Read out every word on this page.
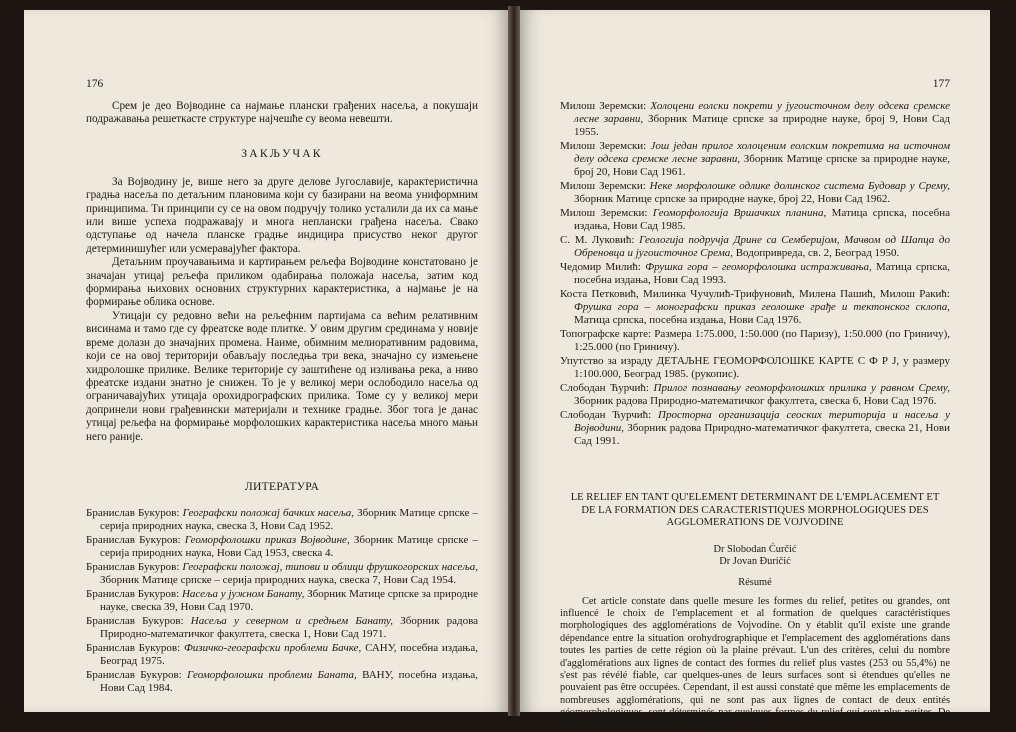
176

Срем је део Војводине са најмање плански грађених насеља, а покушаји подражавања решеткасте структуре најчешће су веома невешти.

ЗАКЉУЧАК

За Војводину је, више него за друге делове Југославије, карактеристична градња насеља по детаљним плановима који су базирани на веома униформним принципима. Ти принципи су се на овом подручју толико усталили да их са мање или више успеха подражавају и многа неплански грађена насеља. Свако одступање од начела планске градње индицира присуство неког другог детерминишућег или усмеравајућег фактора.

Детаљним проучавањима и картирањем рељефа Војводине констатовано је значајан утицај рељефа приликом одабирања положаја насеља, затим код формирања њихових основних структурних карактеристика, а најмање је на формирање облика основе.

Утицаји су редовно већи на рељефним партијама са већим релативним висинама и тамо где су фреатске воде плитке. У овим другим срединама у новије време долази до значајних промена. Наиме, обимним мелиоративним радовима, који се на овој територији обављају последња три века, значајно су измењене хидролошке прилике. Велике територије су заштићене од изливања река, а ниво фреатске издани знатно је снижен. То је у великој мери ослободило насеља од ограничавајућих утицаја орохидрографских прилика. Томе су у великој мери допринели нови грађевински материјали и технике градње. Због тога је данас утицај рељефа на формирање морфолошких карактеристика насеља много мањи него раније.

ЛИТЕРАТУРА
Бранислав Букуров: Географски положај бачких насеља, Зборник Матице српске – серија природних наука, свеска 3, Нови Сад 1952.
Бранислав Букуров: Геоморфолошки приказ Војводине, Зборник Матице српске – серија природних наука, Нови Сад 1953, свеска 4.
Бранислав Букуров: Географски положај, типови и облици фрушкогорских насеља, Зборник Матице српске – серија природних наука, свеска 7, Нови Сад 1954.
Бранислав Букуров: Насеља у јужном Банату, Зборник Матице српске за природне науке, свеска 39, Нови Сад 1970.
Бранислав Букуров: Насеља у северном и средњем Банату, Зборник радова Природно-математичког факултета, свеска 1, Нови Сад 1971.
Бранислав Букуров: Физичко-географски проблеми Бачке, САНУ, посебна издања, Београд 1975.
Бранислав Букуров: Геоморфолошки проблеми Баната, ВАНУ, посебна издања, Нови Сад 1984.
177
Милош Зеремски: Холоцени еолски покрети у југоисточном делу одсека сремске лесне заравни, Зборник Матице српске за природне науке, број 9, Нови Сад 1955.
Милош Зеремски: Још један прилог холоценим еолским покретима на источном делу одсека сремске лесне заравни, Зборник Матице српске за природне науке, број 20, Нови Сад 1961.
Милош Зеремски: Неке морфолошке одлике долинског система Будовар у Срему, Зборник Матице српске за природне науке, број 22, Нови Сад 1962.
Милош Зеремски: Геоморфологија Вршачких планина, Матица српска, посебна издања, Нови Сад 1985.
С. М. Луковић: Геологија подручја Дрине са Семберијом, Мачвом од Шапца до Обреновца и југоисточног Срема, Водопривреда, св. 2, Београд 1950.
Чедомир Милић: Фрушка гора – геоморфолошка истраживања, Матица српска, посебна издања, Нови Сад 1993.
Коста Петковић, Милинка Чучулић-Трифуновић, Милена Пашић, Милош Ракић: Фрушка гора – монографски приказ геолошке грађе и тектонског склопа, Матица српска, посебна издања, Нови Сад 1976.
Топографске карте: Размера 1:75.000, 1:50.000 (по Паризу), 1:50.000 (по Гриничу), 1:25.000 (по Гриничу).
Упутство за израду ДЕТАЉНЕ ГЕОМОРФОЛОШКЕ КАРТЕ С Ф Р Ј, у размеру 1:100.000, Београд 1985. (рукопис).
Слободан Ћурчић: Прилог познавању геоморфолошких прилика у равном Срему, Зборник радова Природно-математичког факултета, свеска 6, Нови Сад 1976.
Слободан Ћурчић: Просторна организација сеоских територија и насеља у Војводини, Зборник радова Природно-математичког факултета, свеска 21, Нови Сад 1991.
LE RELIEF EN TANT QU'ELEMENT DETERMINANT DE L'EMPLACEMENT ET DE LA FORMATION DES CARACTERISTIQUES MORPHOLOGIQUES DES AGGLOMERATIONS DE VOJVODINE
Dr Slobodan Ćurčić
Dr Jovan Đuričić
Résumé

Cet article constate dans quelle mesure les formes du relief, petites ou grandes, ont influencé le choix de l'emplacement et al formation de quelques caractéristiques morphologiques des agglomérations de Vojvodine. On y établit qu'il existe une grande dépendance entre la situation orohydrographique et l'emplacement des agglomérations dans toutes les parties de cette région où la plaine prévaut. L'un des critères, celui du nombre d'agglomérations aux lignes de contact des formes du relief plus vastes (253 ou 55,4%) ne s'est pas révélé fiable, car quelques-unes de leurs surfaces sont si étendues qu'elles ne pouvaient pas être occupées. Cependant, il est aussi constaté que même les emplacements de nombreuses agglomérations, qui ne sont pas aux lignes de contact de deux entités géomorphologiques, sont déterminés par quelques formes du relief qui sont plus petites. De telles conditions sont caractéristiques pour d'an-
